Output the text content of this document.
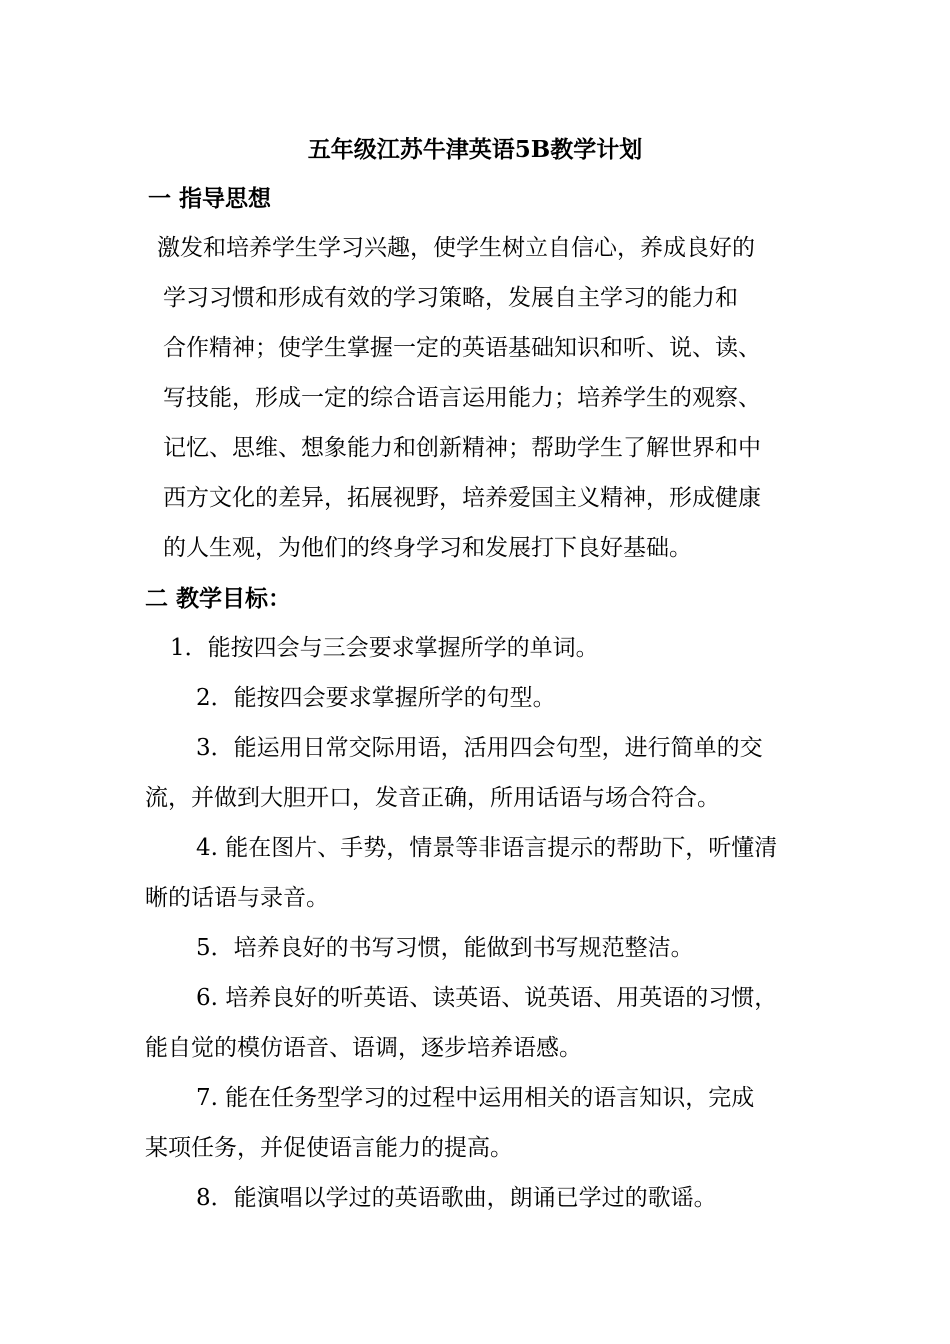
五年级江苏牛津英语5B教学计划
一 指导思想
激发和培养学生学习兴趣，使学生树立自信心，养成良好的
学习习惯和形成有效的学习策略，发展自主学习的能力和
合作精神；使学生掌握一定的英语基础知识和听、说、读、
写技能，形成一定的综合语言运用能力；培养学生的观察、
记忆、思维、想象能力和创新精神；帮助学生了解世界和中
西方文化的差异，拓展视野，培养爱国主义精神，形成健康
的人生观，为他们的终身学习和发展打下良好基础。
二 教学目标：
1．能按四会与三会要求掌握所学的单词。
2．能按四会要求掌握所学的句型。
3．能运用日常交际用语，活用四会句型，进行简单的交
流，并做到大胆开口，发音正确，所用话语与场合符合。
4. 能在图片、手势，情景等非语言提示的帮助下，听懂清
晰的话语与录音。
5．培养良好的书写习惯，能做到书写规范整洁。
6. 培养良好的听英语、读英语、说英语、用英语的习惯，
能自觉的模仿语音、语调，逐步培养语感。
7. 能在任务型学习的过程中运用相关的语言知识，完成
某项任务，并促使语言能力的提高。
8．能演唱以学过的英语歌曲，朗诵已学过的歌谣。
